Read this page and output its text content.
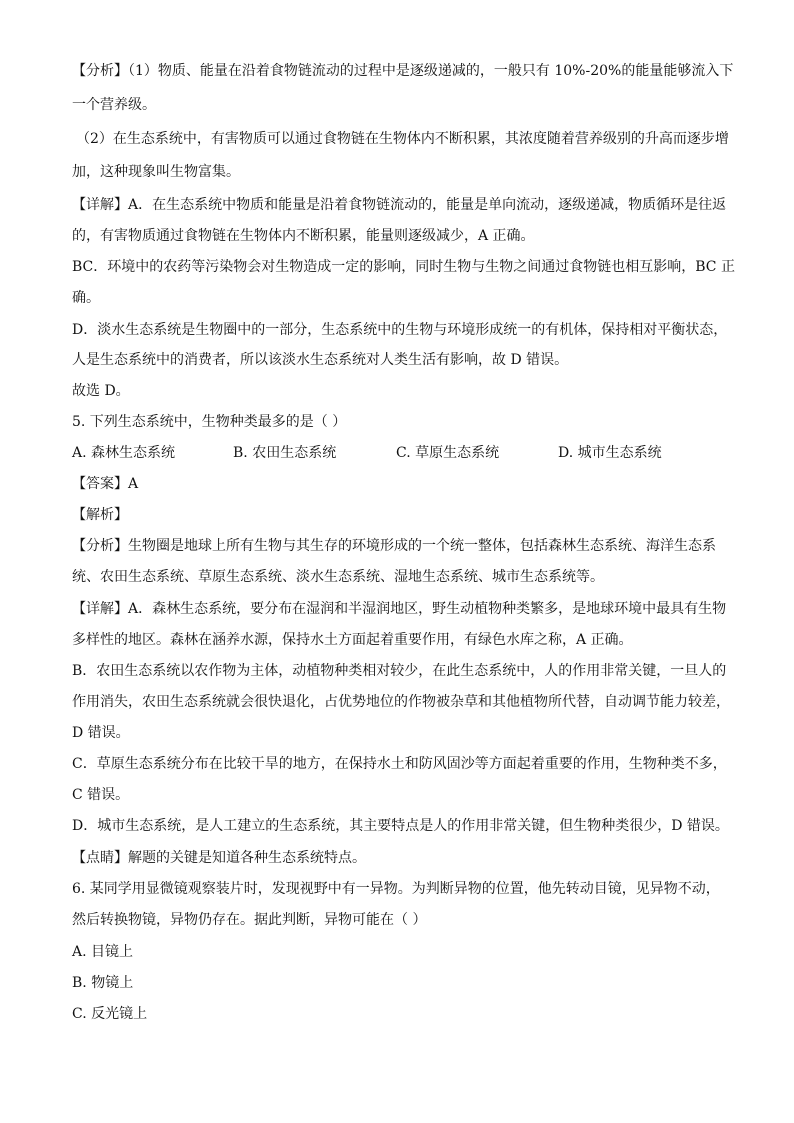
【分析】（1）物质、能量在沿着食物链流动的过程中是逐级递减的，一般只有 10%-20%的能量能够流入下
一个营养级。
（2）在生态系统中，有害物质可以通过食物链在生物体内不断积累，其浓度随着营养级别的升高而逐步增
加，这种现象叫生物富集。
【详解】A．在生态系统中物质和能量是沿着食物链流动的，能量是单向流动，逐级递减，物质循环是往返
的，有害物质通过食物链在生物体内不断积累，能量则逐级减少，A 正确。
BC．环境中的农药等污染物会对生物造成一定的影响，同时生物与生物之间通过食物链也相互影响，BC 正
确。
D．淡水生态系统是生物圈中的一部分，生态系统中的生物与环境形成统一的有机体，保持相对平衡状态，
人是生态系统中的消费者，所以该淡水生态系统对人类生活有影响，故 D 错误。
故选 D。
5. 下列生态系统中，生物种类最多的是（ ）
A. 森林生态系统	B. 农田生态系统	C. 草原生态系统	D. 城市生态系统
【答案】A
【解析】
【分析】生物圈是地球上所有生物与其生存的环境形成的一个统一整体，包括森林生态系统、海洋生态系
统、农田生态系统、草原生态系统、淡水生态系统、湿地生态系统、城市生态系统等。
【详解】A．森林生态系统，要分布在湿润和半湿润地区，野生动植物种类繁多，是地球环境中最具有生物
多样性的地区。森林在涵养水源，保持水土方面起着重要作用，有绿色水库之称，A 正确。
B．农田生态系统以农作物为主体，动植物种类相对较少，在此生态系统中，人的作用非常关键，一旦人的
作用消失，农田生态系统就会很快退化，占优势地位的作物被杂草和其他植物所代替，自动调节能力较差，
D 错误。
C．草原生态系统分布在比较干旱的地方，在保持水土和防风固沙等方面起着重要的作用，生物种类不多，
C 错误。
D．城市生态系统，是人工建立的生态系统，其主要特点是人的作用非常关键，但生物种类很少，D 错误。
【点睛】解题的关键是知道各种生态系统特点。
6. 某同学用显微镜观察装片时，发现视野中有一异物。为判断异物的位置，他先转动目镜，见异物不动，
然后转换物镜，异物仍存在。据此判断，异物可能在（ ）
A. 目镜上
B. 物镜上
C. 反光镜上
